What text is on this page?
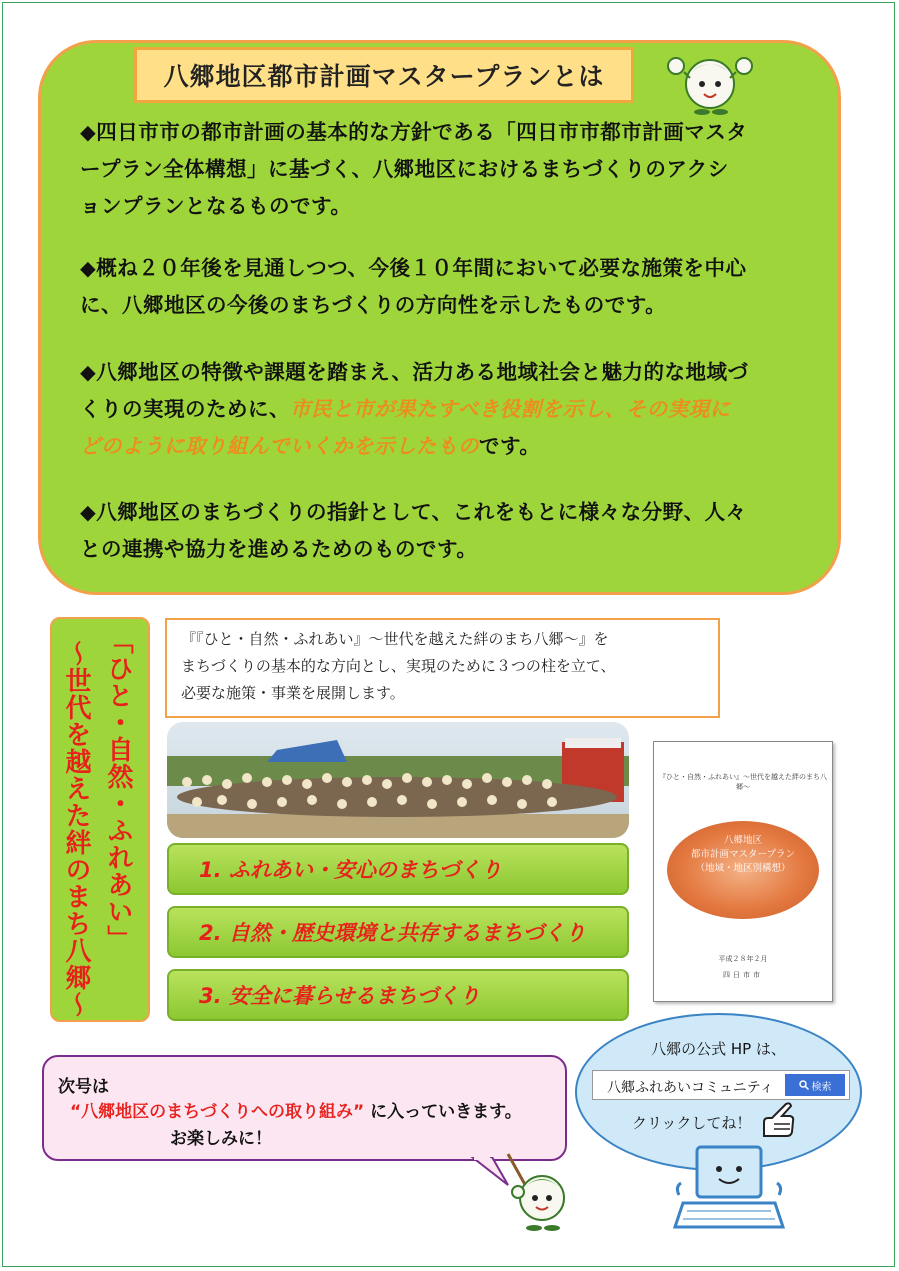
八郷地区都市計画マスタープランとは
◆四日市市の都市計画の基本的な方針である「四日市市都市計画マスタ
ープラン全体構想」に基づく、八郷地区におけるまちづくりのアクシ
ョンプランとなるものです。
◆概ね２０年後を見通しつつ、今後１０年間において必要な施策を中心
に、八郷地区の今後のまちづくりの方向性を示したものです。
◆八郷地区の特徴や課題を踏まえ、活力ある地域社会と魅力的な地域づ
くりの実現のために、市民と市が果たすべき役割を示し、その実現に
どのように取り組んでいくかを示したものです。
◆八郷地区のまちづくりの指針として、これをもとに様々な分野、人々
との連携や協力を進めるためのものです。
「ひと・自然・ふれあい」
〜世代を越えた絆のまち八郷〜
『『ひと・自然・ふれあい』〜世代を越えた絆のまち八郷〜』を
まちづくりの基本的な方向とし、実現のために３つの柱を立て、
必要な施策・事業を展開します。
1. ふれあい・安心のまちづくり
2. 自然・歴史環境と共存するまちづくり
3. 安全に暮らせるまちづくり
『ひと・自然・ふれあい』〜世代を越えた絆のまち八郷〜
八郷地区
都市計画マスタープラン
（地域・地区別構想）
平成２８年２月
四日市市
次号は
“八郷地区のまちづくりへの取り組み” に入っていきます。
お楽しみに！
八郷の公式 HP は、
八郷ふれあいコミュニティ	検索
クリックしてね！
